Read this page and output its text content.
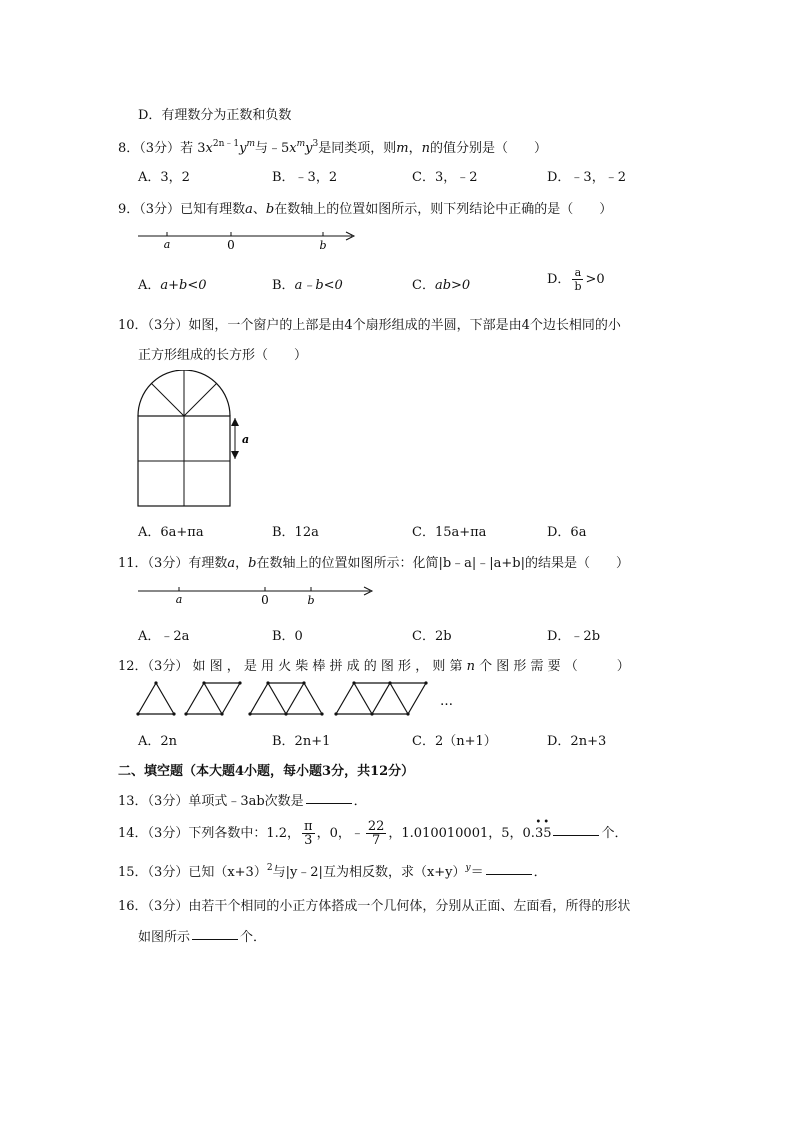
D．有理数分为正数和负数
8．（3分）若 $3x^{2n﹣1}y^m$与$﹣5x^my^3$是同类项，则m，n的值分别是（　　）
A．3，2	B．﹣3，2	C．3，﹣2	D．﹣3，﹣2
9．（3分）已知有理数a、b在数轴上的位置如图所示，则下列结论中正确的是（　　）
a	0	b
A．a+b<0	B．a﹣b<0	C．ab>0	D． $\frac{a}{b} >0$
10．（3分）如图，一个窗户的上部是由4个扇形组成的半圆，下部是由4个边长相同的小
正方形组成的长方形（　　）
a
A．6a+πa	B．12a	C．15a+πa	D．6a
11．（3分）有理数a，b在数轴上的位置如图所示：化简|b﹣a|﹣|a+b|的结果是（　　）
a	0	b
A．﹣2a	B．0	C．2b	D．﹣2b
12．（3分） 如 图 ， 是 用 火 柴 棒 拼 成 的 图 形 ， 则 第 n 个 图 形 需 要 （　　　）
…
A．2n	B．2n+1	C．2（n+1）	D．2n+3
二、填空题（本大题4小题，每小题3分，共12分）
13．（3分）单项式﹣3ab次数是	．
14．（3分）下列各数中：1.2， $\frac{\pi}{3}$ ，0，﹣ $\frac{22}{7}$ ，1.010010001，5，0.
••
35	个．
15．（3分）已知$(x+3)^2$与|y﹣2|互为相反数，求$(x+y)^y=$	．
16．（3分）由若干个相同的小正方体搭成一个几何体，分别从正面、左面看，所得的形状
如图所示	个．
